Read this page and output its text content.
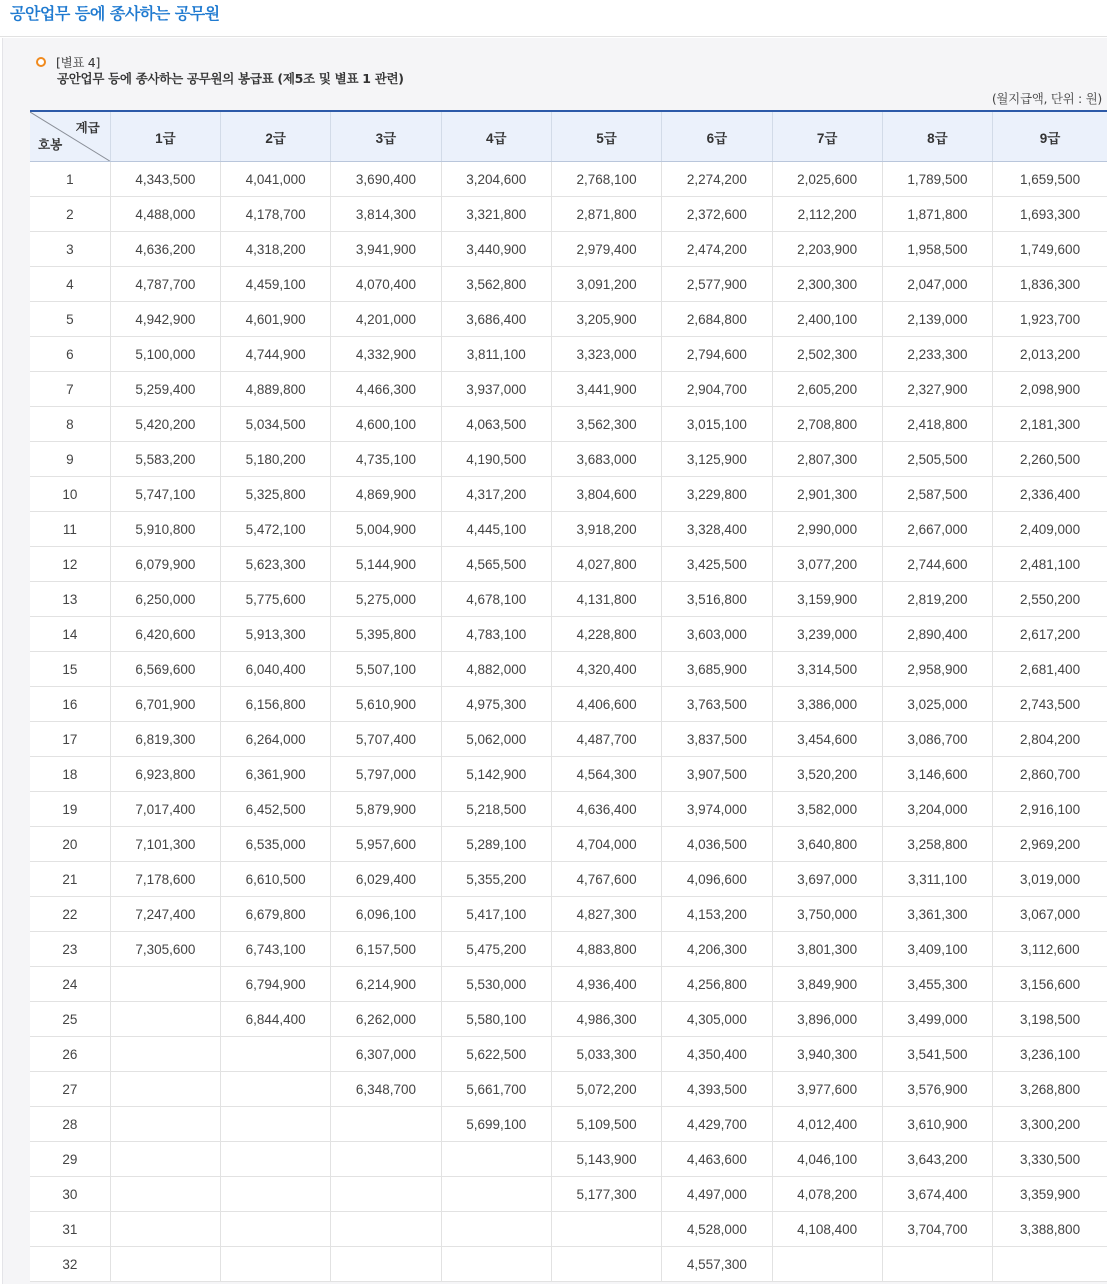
공안업무 등에 종사하는 공무원
[별표 4]
공안업무 등에 종사하는 공무원의 봉급표 (제5조 및 별표 1 관련)
(월지급액, 단위 : 원)
계급
호봉	1급	2급	3급	4급	5급	6급	7급	8급	9급
1	4,343,500	4,041,000	3,690,400	3,204,600	2,768,100	2,274,200	2,025,600	1,789,500	1,659,500
2	4,488,000	4,178,700	3,814,300	3,321,800	2,871,800	2,372,600	2,112,200	1,871,800	1,693,300
3	4,636,200	4,318,200	3,941,900	3,440,900	2,979,400	2,474,200	2,203,900	1,958,500	1,749,600
4	4,787,700	4,459,100	4,070,400	3,562,800	3,091,200	2,577,900	2,300,300	2,047,000	1,836,300
5	4,942,900	4,601,900	4,201,000	3,686,400	3,205,900	2,684,800	2,400,100	2,139,000	1,923,700
6	5,100,000	4,744,900	4,332,900	3,811,100	3,323,000	2,794,600	2,502,300	2,233,300	2,013,200
7	5,259,400	4,889,800	4,466,300	3,937,000	3,441,900	2,904,700	2,605,200	2,327,900	2,098,900
8	5,420,200	5,034,500	4,600,100	4,063,500	3,562,300	3,015,100	2,708,800	2,418,800	2,181,300
9	5,583,200	5,180,200	4,735,100	4,190,500	3,683,000	3,125,900	2,807,300	2,505,500	2,260,500
10	5,747,100	5,325,800	4,869,900	4,317,200	3,804,600	3,229,800	2,901,300	2,587,500	2,336,400
11	5,910,800	5,472,100	5,004,900	4,445,100	3,918,200	3,328,400	2,990,000	2,667,000	2,409,000
12	6,079,900	5,623,300	5,144,900	4,565,500	4,027,800	3,425,500	3,077,200	2,744,600	2,481,100
13	6,250,000	5,775,600	5,275,000	4,678,100	4,131,800	3,516,800	3,159,900	2,819,200	2,550,200
14	6,420,600	5,913,300	5,395,800	4,783,100	4,228,800	3,603,000	3,239,000	2,890,400	2,617,200
15	6,569,600	6,040,400	5,507,100	4,882,000	4,320,400	3,685,900	3,314,500	2,958,900	2,681,400
16	6,701,900	6,156,800	5,610,900	4,975,300	4,406,600	3,763,500	3,386,000	3,025,000	2,743,500
17	6,819,300	6,264,000	5,707,400	5,062,000	4,487,700	3,837,500	3,454,600	3,086,700	2,804,200
18	6,923,800	6,361,900	5,797,000	5,142,900	4,564,300	3,907,500	3,520,200	3,146,600	2,860,700
19	7,017,400	6,452,500	5,879,900	5,218,500	4,636,400	3,974,000	3,582,000	3,204,000	2,916,100
20	7,101,300	6,535,000	5,957,600	5,289,100	4,704,000	4,036,500	3,640,800	3,258,800	2,969,200
21	7,178,600	6,610,500	6,029,400	5,355,200	4,767,600	4,096,600	3,697,000	3,311,100	3,019,000
22	7,247,400	6,679,800	6,096,100	5,417,100	4,827,300	4,153,200	3,750,000	3,361,300	3,067,000
23	7,305,600	6,743,100	6,157,500	5,475,200	4,883,800	4,206,300	3,801,300	3,409,100	3,112,600
24		6,794,900	6,214,900	5,530,000	4,936,400	4,256,800	3,849,900	3,455,300	3,156,600
25		6,844,400	6,262,000	5,580,100	4,986,300	4,305,000	3,896,000	3,499,000	3,198,500
26			6,307,000	5,622,500	5,033,300	4,350,400	3,940,300	3,541,500	3,236,100
27			6,348,700	5,661,700	5,072,200	4,393,500	3,977,600	3,576,900	3,268,800
28				5,699,100	5,109,500	4,429,700	4,012,400	3,610,900	3,300,200
29					5,143,900	4,463,600	4,046,100	3,643,200	3,330,500
30					5,177,300	4,497,000	4,078,200	3,674,400	3,359,900
31						4,528,000	4,108,400	3,704,700	3,388,800
32						4,557,300			
